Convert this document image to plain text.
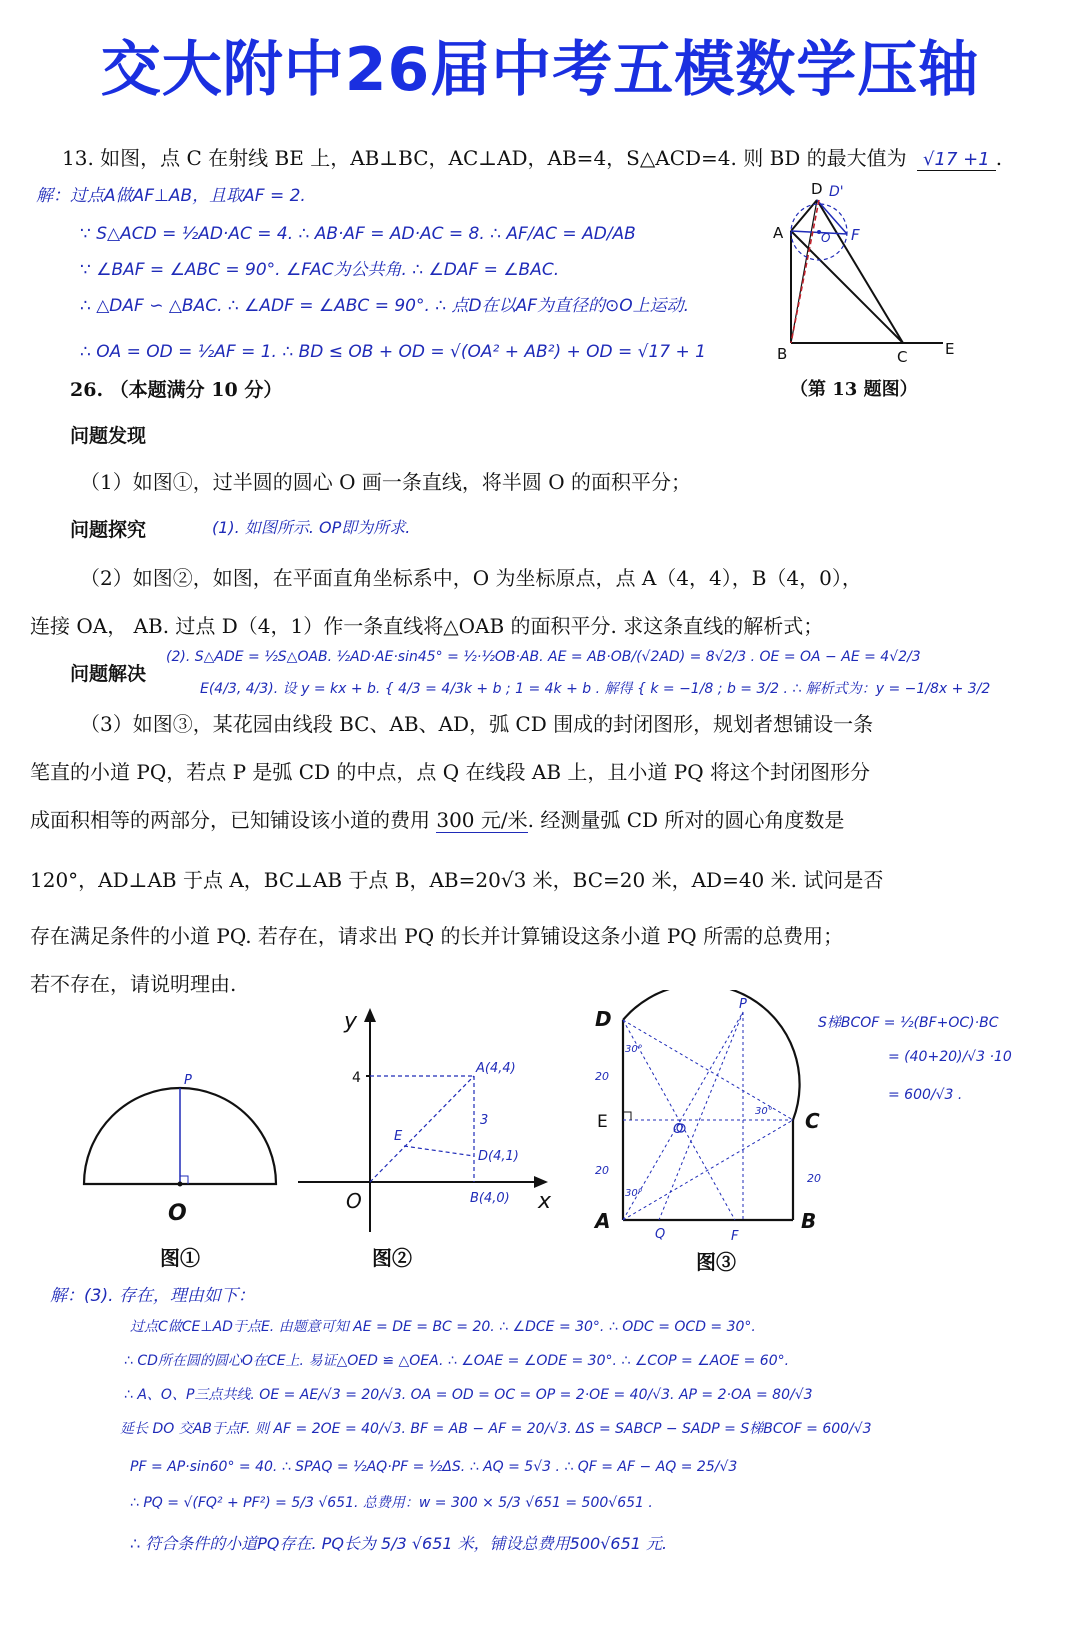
交大附中26届中考五模数学压轴
13. 如图，点 C 在射线 BE 上，AB⊥BC，AC⊥AD，AB=4，S△ACD=4. 则 BD 的最大值为 √17 +1 .
解：过点A做AF⊥AB，且取AF = 2.
∵ S△ACD = ½AD·AC = 4. ∴ AB·AF = AD·AC = 8. ∴ AF/AC = AD/AB
∵ ∠BAF = ∠ABC = 90°. ∠FAC为公共角. ∴ ∠DAF = ∠BAC.
∴ △DAF ∽ △BAC. ∴ ∠ADF = ∠ABC = 90°. ∴ 点D在以AF为直径的⊙O上运动.
∴ OA = OD = ½AF = 1. ∴ BD ≤ OB + OD = √(OA² + AB²) + OD = √17 + 1
D D'
A	F
O
B	C	E
（第 13 题图）
26. （本题满分 10 分）
问题发现
（1）如图①，过半圆的圆心 O 画一条直线，将半圆 O 的面积平分；
问题探究	(1). 如图所示. OP即为所求.
（2）如图②，如图，在平面直角坐标系中，O 为坐标原点，点 A（4，4），B（4，0），
连接 OA， AB. 过点 D（4，1）作一条直线将△OAB 的面积平分. 求这条直线的解析式；
(2). S△ADE = ½S△OAB. ½AD·AE·sin45° = ½·½OB·AB. AE = AB·OB/(√2AD) = 8√2/3 . OE = OA − AE = 4√2/3
问题解决
E(4/3, 4/3). 设 y = kx + b. { 4/3 = 4/3k + b ; 1 = 4k + b . 解得 { k = −1/8 ; b = 3/2 . ∴ 解析式为：y = −1/8x + 3/2
（3）如图③，某花园由线段 BC、AB、AD，弧 CD 围成的封闭图形，规划者想铺设一条
笔直的小道 PQ，若点 P 是弧 CD 的中点，点 Q 在线段 AB 上，且小道 PQ 将这个封闭图形分
成面积相等的两部分，已知铺设该小道的费用 300 元/米. 经测量弧 CD 所对的圆心角度数是
120°，AD⊥AB 于点 A，BC⊥AB 于点 B，AB=20√3 米，BC=20 米，AD=40 米. 试问是否
存在满足条件的小道 PQ. 若存在，请求出 PQ 的长并计算铺设这条小道 PQ 所需的总费用；
若不存在，请说明理由.
P
O
图①
y
x
O
4
A(4,4)
E
3
D(4,1)
B(4,0)
图②
D
P
E	C
O
A
Q	F
B
20
20
20
30°
30°
30°
图③
S梯BCOF = ½(BF+OC)·BC
= (40+20)/√3 ·10
= 600/√3 .
解：(3). 存在，理由如下：
过点C做CE⊥AD于点E. 由题意可知 AE = DE = BC = 20. ∴ ∠DCE = 30°. ∴ ODC = OCD = 30°.
∴ CD所在圆的圆心O在CE上. 易证△OED ≌ △OEA. ∴ ∠OAE = ∠ODE = 30°. ∴ ∠COP = ∠AOE = 60°.
∴ A、O、P三点共线. OE = AE/√3 = 20/√3. OA = OD = OC = OP = 2·OE = 40/√3. AP = 2·OA = 80/√3
延长 DO 交AB于点F. 则 AF = 2OE = 40/√3. BF = AB − AF = 20/√3. ΔS = SABCP − SADP = S梯BCOF = 600/√3
PF = AP·sin60° = 40. ∴ SPAQ = ½AQ·PF = ½ΔS. ∴ AQ = 5√3 . ∴ QF = AF − AQ = 25/√3
∴ PQ = √(FQ² + PF²) = 5/3 √651. 总费用：w = 300 × 5/3 √651 = 500√651 .
∴ 符合条件的小道PQ存在. PQ长为 5/3 √651 米，铺设总费用500√651 元.
